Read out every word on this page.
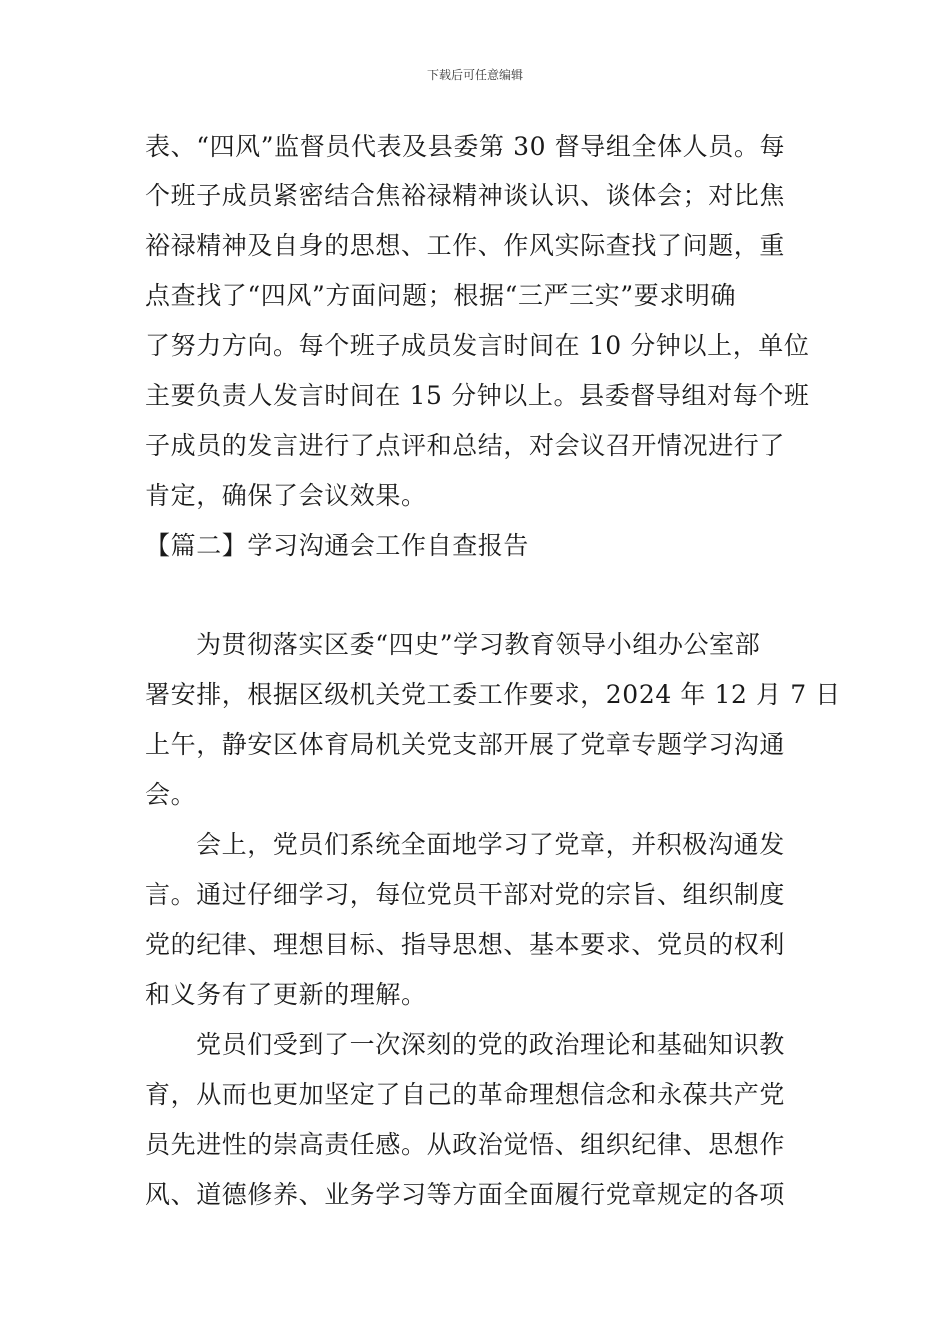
下载后可任意编辑
表、“四风”监督员代表及县委第 30 督导组全体人员。每
个班子成员紧密结合焦裕禄精神谈认识、谈体会；对比焦
裕禄精神及自身的思想、工作、作风实际查找了问题，重
点查找了“四风”方面问题；根据“三严三实”要求明确
了努力方向。每个班子成员发言时间在 10 分钟以上，单位
主要负责人发言时间在 15 分钟以上。县委督导组对每个班
子成员的发言进行了点评和总结，对会议召开情况进行了
肯定，确保了会议效果。
【篇二】学习沟通会工作自查报告
为贯彻落实区委“四史”学习教育领导小组办公室部
署安排，根据区级机关党工委工作要求，2024 年 12 月 7 日
上午，静安区体育局机关党支部开展了党章专题学习沟通
会。
会上，党员们系统全面地学习了党章，并积极沟通发
言。通过仔细学习，每位党员干部对党的宗旨、组织制度
党的纪律、理想目标、指导思想、基本要求、党员的权利
和义务有了更新的理解。
党员们受到了一次深刻的党的政治理论和基础知识教
育，从而也更加坚定了自己的革命理想信念和永葆共产党
员先进性的崇高责任感。从政治觉悟、组织纪律、思想作
风、道德修养、业务学习等方面全面履行党章规定的各项
